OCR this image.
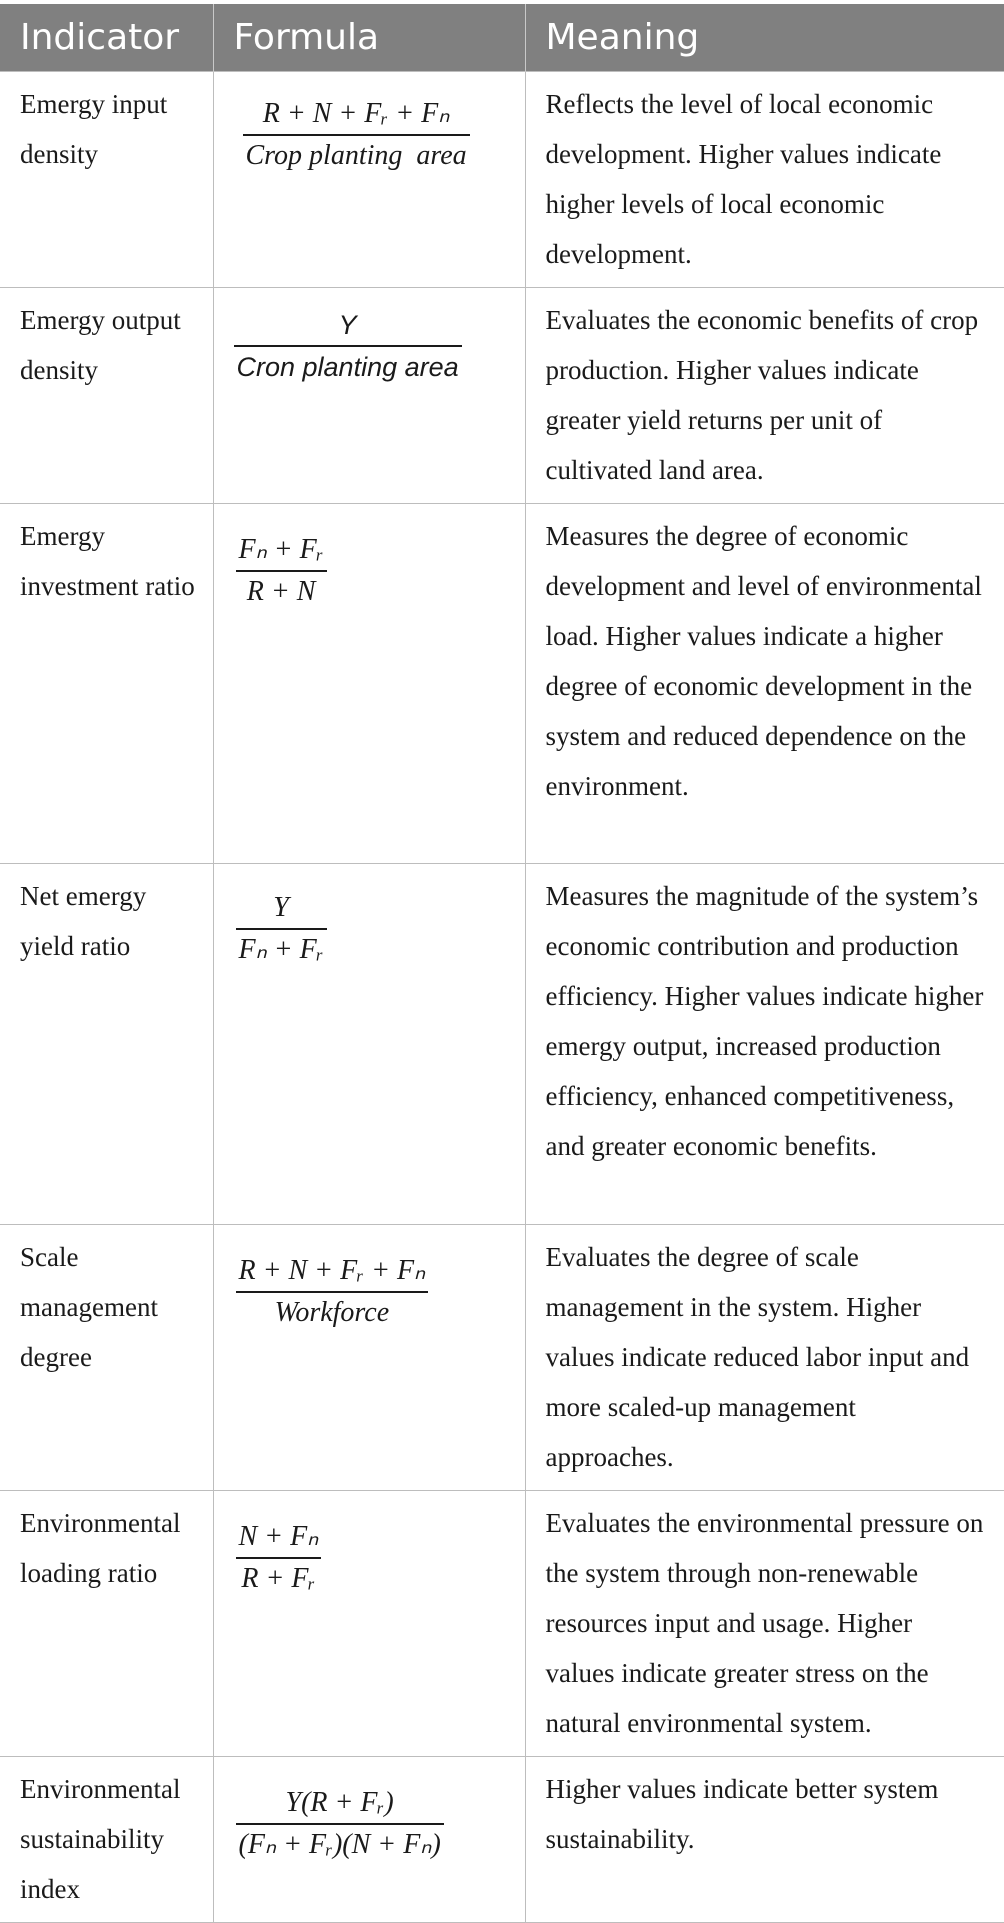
Indicator	Formula	Meaning

Emergy input density	$\frac{\text{R + N + Fᵣ + Fₙ}}{\text{Crop planting  area}}$	Reflects the level of local economic development. Higher values indicate higher levels of local economic development.

Emergy output density	$\frac{Y}{\text{Cron planting area}}$	Evaluates the economic benefits of crop production. Higher values indicate greater yield returns per unit of cultivated land area.

Emergy investment ratio	$\frac{\text{Fₙ + Fᵣ}}{R + N}$	Measures the degree of economic development and level of environmental load. Higher values indicate a higher degree of economic development in the system and reduced dependence on the environment.

Net emergy yield ratio	$\frac{Y}{\text{Fₙ + Fᵣ}}$	Measures the magnitude of the system’s economic contribution and production efficiency. Higher values indicate higher emergy output, increased production efficiency, enhanced competitiveness, and greater economic benefits.

Scale management degree	$\frac{\text{R + N + Fᵣ + Fₙ}}{\text{Workforce}}$	Evaluates the degree of scale management in the system. Higher values indicate reduced labor input and more scaled-up management approaches.

Environmental loading ratio	$\frac{\text{N + Fₙ}}{\text{R + Fᵣ}}$	Evaluates the environmental pressure on the system through non-renewable resources input and usage. Higher values indicate greater stress on the natural environmental system.

Environmental sustainability index	$\frac{\text{Y(R + Fᵣ)}}{\text{(Fₙ + Fᵣ)(N + Fₙ)}}$	Higher values indicate better system sustainability.
